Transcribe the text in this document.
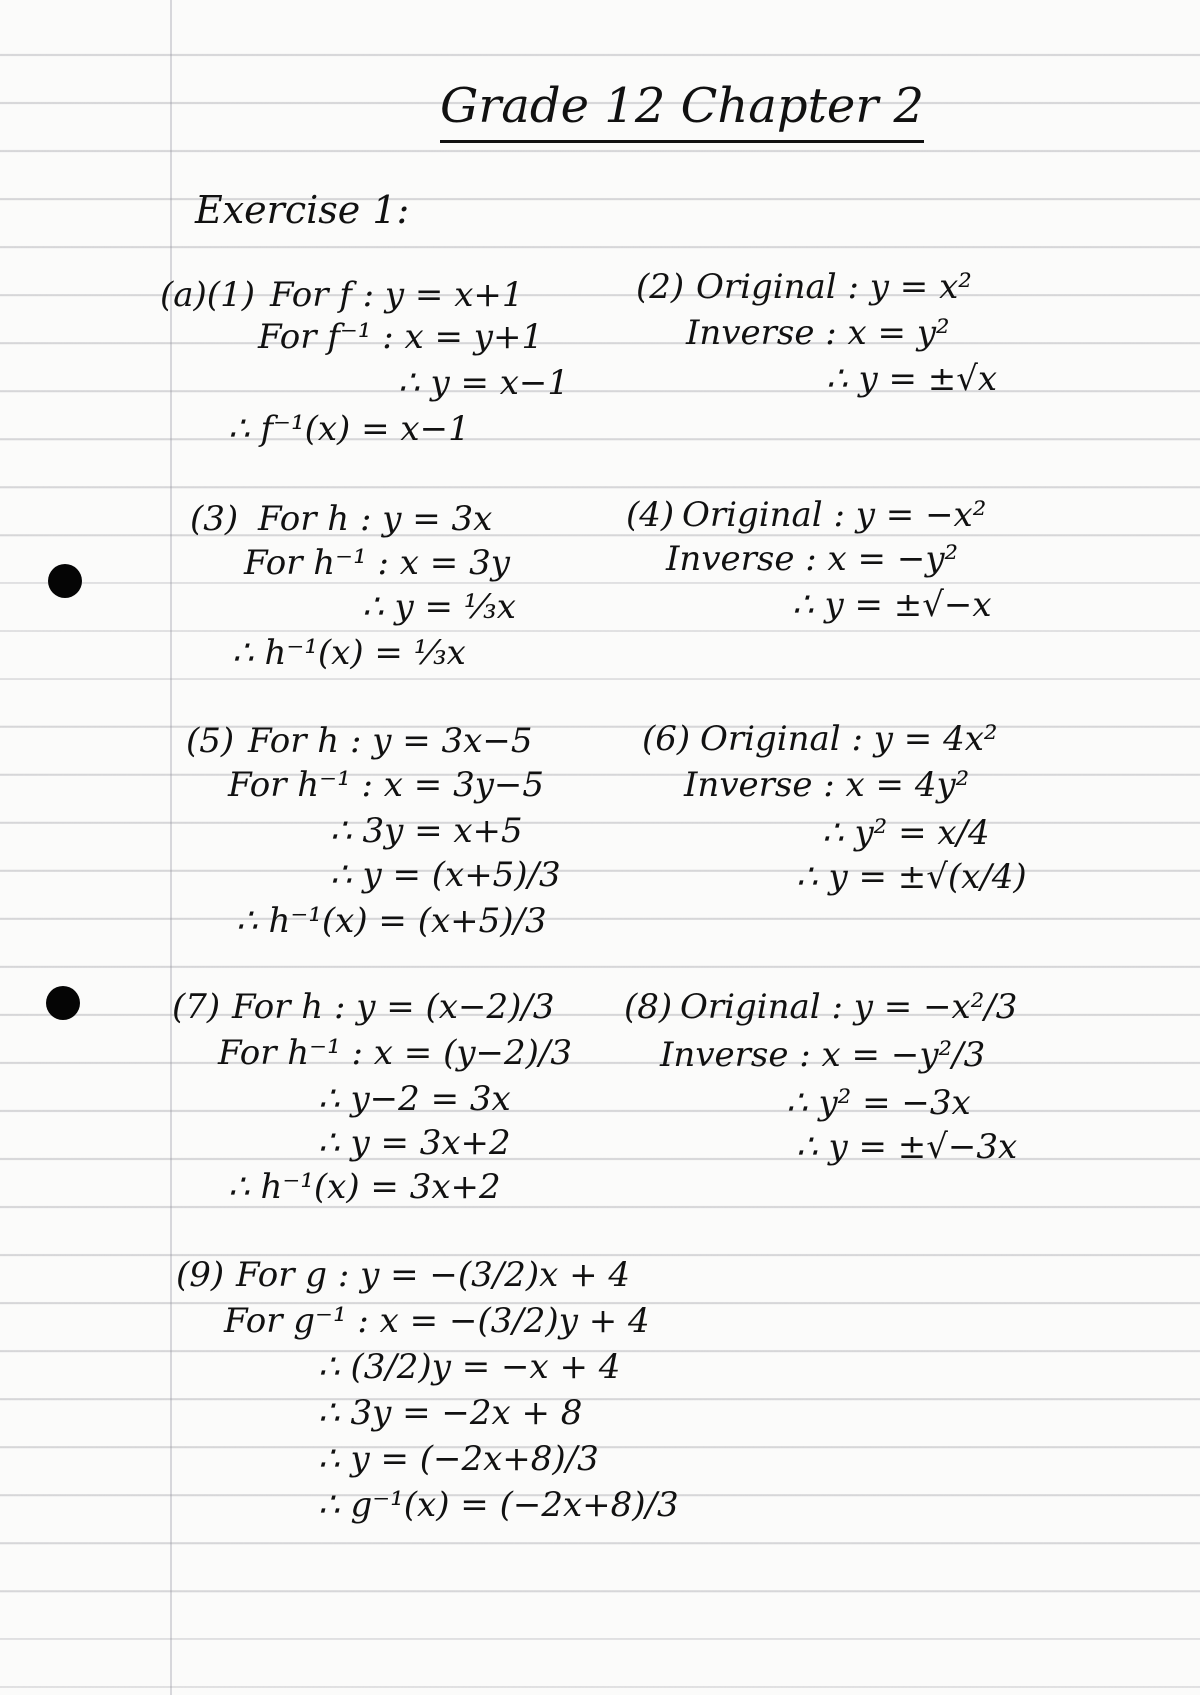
Grade 12 Chapter 2
Exercise 1:
(a)(1) For f : y = x+1
For f⁻¹ : x = y+1
∴ y = x−1
∴ f⁻¹(x) = x−1
(2) Original : y = x²
Inverse : x = y²
∴ y = ±√x
(3) For h : y = 3x
For h⁻¹ : x = 3y
∴ y = ⅓x
∴ h⁻¹(x) = ⅓x
(4) Original : y = −x²
Inverse : x = −y²
∴ y = ±√−x
(5) For h : y = 3x−5
For h⁻¹ : x = 3y−5
∴ 3y = x+5
∴ y = (x+5)/3
∴ h⁻¹(x) = (x+5)/3
(6) Original : y = 4x²
Inverse : x = 4y²
∴ y² = x/4
∴ y = ±√(x/4)
(7) For h : y = (x−2)/3
For h⁻¹ : x = (y−2)/3
∴ y−2 = 3x
∴ y = 3x+2
∴ h⁻¹(x) = 3x+2
(8) Original : y = −x²/3
Inverse : x = −y²/3
∴ y² = −3x
∴ y = ±√−3x
(9) For g : y = −(3/2)x + 4
For g⁻¹ : x = −(3/2)y + 4
∴ (3/2)y = −x + 4
∴ 3y = −2x + 8
∴ y = (−2x+8)/3
∴ g⁻¹(x) = (−2x+8)/3
